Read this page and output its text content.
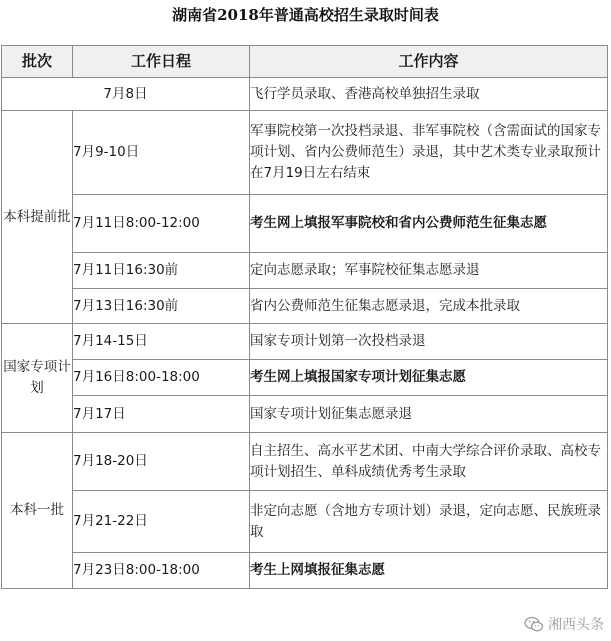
湖南省2018年普通高校招生录取时间表
批次	工作日程	工作内容
7月8日		飞行学员录取、香港高校单独招生录取
本科提前批	7月9-10日	军事院校第一次投档录退、非军事院校（含需面试的国家专项计划、省内公费师范生）录退，其中艺术类专业录取预计在7月19日左右结束
	7月11日8:00-12:00	考生网上填报军事院校和省内公费师范生征集志愿
	7月11日16:30前	定向志愿录取；军事院校征集志愿录退
	7月13日16:30前	省内公费师范生征集志愿录退，完成本批录取
国家专项计划	7月14-15日	国家专项计划第一次投档录退
	7月16日8:00-18:00	考生网上填报国家专项计划征集志愿
	7月17日	国家专项计划征集志愿录退
本科一批	7月18-20日	自主招生、高水平艺术团、中南大学综合评价录取、高校专项计划招生、单科成绩优秀考生录取
	7月21-22日	非定向志愿（含地方专项计划）录退，定向志愿、民族班录取
	7月23日8:00-18:00	考生上网填报征集志愿
湘西头条
